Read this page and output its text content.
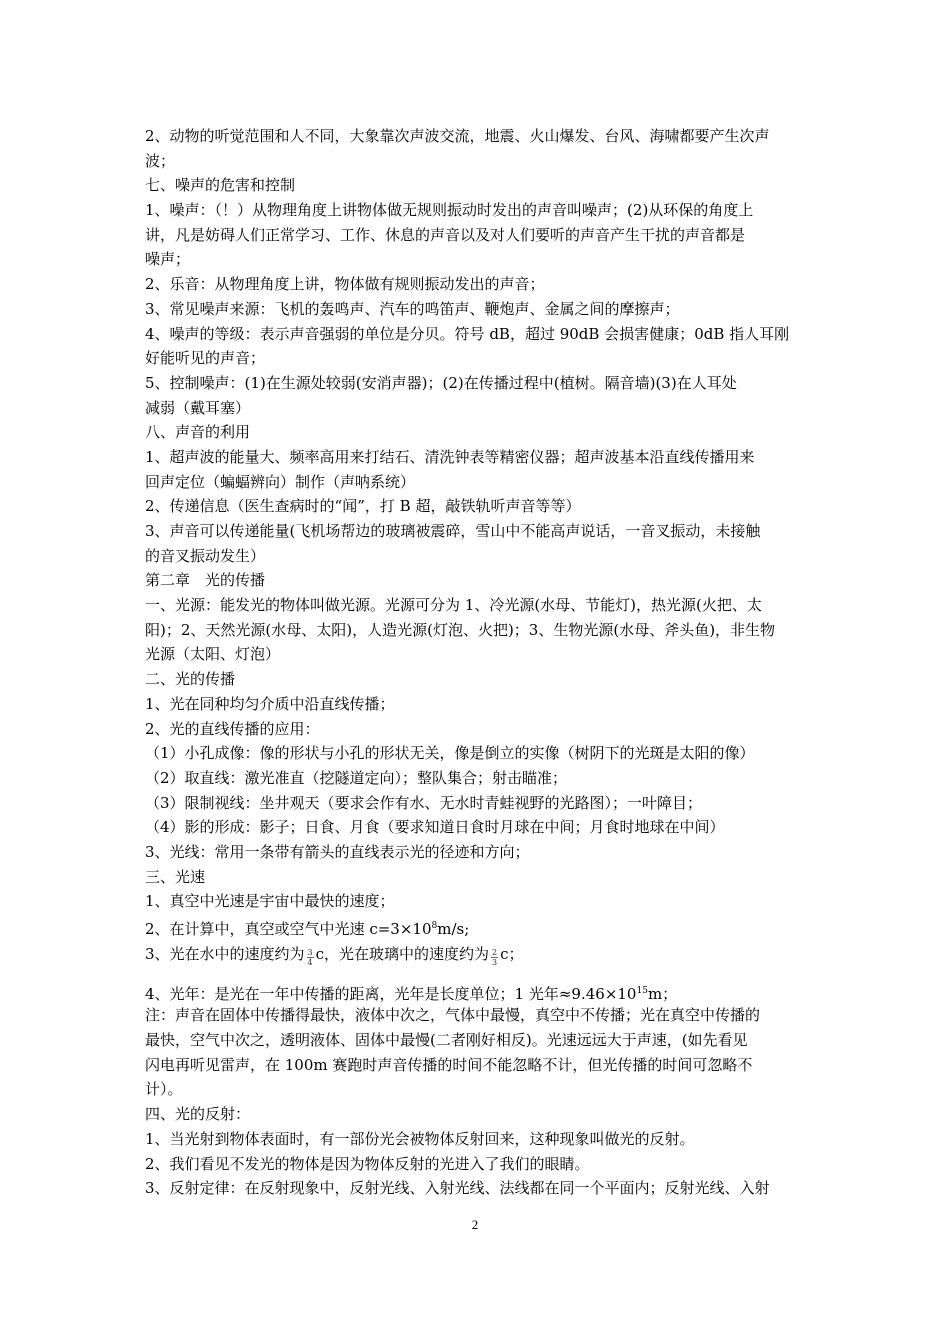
2、动物的听觉范围和人不同，大象靠次声波交流，地震、火山爆发、台风、海啸都要产生次声
波；
七、噪声的危害和控制
1、噪声：（！）从物理角度上讲物体做无规则振动时发出的声音叫噪声；(2)从环保的角度上
讲，凡是妨碍人们正常学习、工作、休息的声音以及对人们要听的声音产生干扰的声音都是
噪声；
2、乐音：从物理角度上讲，物体做有规则振动发出的声音；
3、常见噪声来源：飞机的轰鸣声、汽车的鸣笛声、鞭炮声、金属之间的摩擦声；
4、噪声的等级：表示声音强弱的单位是分贝。符号 dB，超过 90dB 会损害健康；0dB 指人耳刚
好能听见的声音；
5、控制噪声：(1)在生源处较弱(安消声器)；(2)在传播过程中(植树。隔音墙)(3)在人耳处
减弱（戴耳塞）
八、声音的利用
1、超声波的能量大、频率高用来打结石、清洗钟表等精密仪器；超声波基本沿直线传播用来
回声定位（蝙蝠辨向）制作（声呐系统）
2、传递信息（医生查病时的“闻”，打 B 超，敲铁轨听声音等等）
3、声音可以传递能量(飞机场帮边的玻璃被震碎，雪山中不能高声说话，一音叉振动，未接触
的音叉振动发生）
第二章　光的传播
一、光源：能发光的物体叫做光源。光源可分为 1、冷光源(水母、节能灯)，热光源(火把、太
阳)；2、天然光源(水母、太阳)，人造光源(灯泡、火把)；3、生物光源(水母、斧头鱼)，非生物
光源（太阳、灯泡）
二、光的传播
1、光在同种均匀介质中沿直线传播；
2、光的直线传播的应用：
（1）小孔成像：像的形状与小孔的形状无关，像是倒立的实像（树阴下的光斑是太阳的像）
（2）取直线：激光准直（挖隧道定向）；整队集合；射击瞄准；
（3）限制视线：坐井观天（要求会作有水、无水时青蛙视野的光路图）；一叶障目；
（4）影的形成：影子；日食、月食（要求知道日食时月球在中间；月食时地球在中间）
3、光线：常用一条带有箭头的直线表示光的径迹和方向；
三、光速
1、真空中光速是宇宙中最快的速度；
2、在计算中，真空或空气中光速 $c=3\times 10^8m/s$;
3、光在水中的速度约为 $\frac{3}{4}$ c，光在玻璃中的速度约为 $\frac{2}{3}$ c；
4、光年：是光在一年中传播的距离，光年是长度单位；1 光年$\approx 9.46\times 10^{15}m$；
注：声音在固体中传播得最快，液体中次之，气体中最慢，真空中不传播；光在真空中传播的
最快，空气中次之，透明液体、固体中最慢(二者刚好相反)。光速远远大于声速，(如先看见
闪电再听见雷声，在 100m 赛跑时声音传播的时间不能忽略不计，但光传播的时间可忽略不
计）。
四、光的反射：
1、当光射到物体表面时，有一部份光会被物体反射回来，这种现象叫做光的反射。
2、我们看见不发光的物体是因为物体反射的光进入了我们的眼睛。
3、反射定律：在反射现象中，反射光线、入射光线、法线都在同一个平面内；反射光线、入射
2
